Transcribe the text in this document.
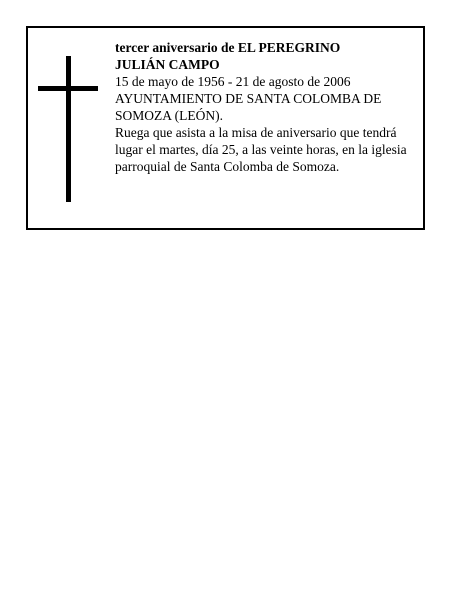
tercer aniversario de EL PEREGRINO

JULIÁN CAMPO

15 de mayo de 1956 - 21 de agosto de 2006

AYUNTAMIENTO DE SANTA COLOMBA DE SOMOZA (LEÓN).

Ruega que asista a la misa de aniversario que tendrá lugar el martes, día 25, a las veinte horas, en la iglesia parroquial de Santa Colomba de Somoza.
